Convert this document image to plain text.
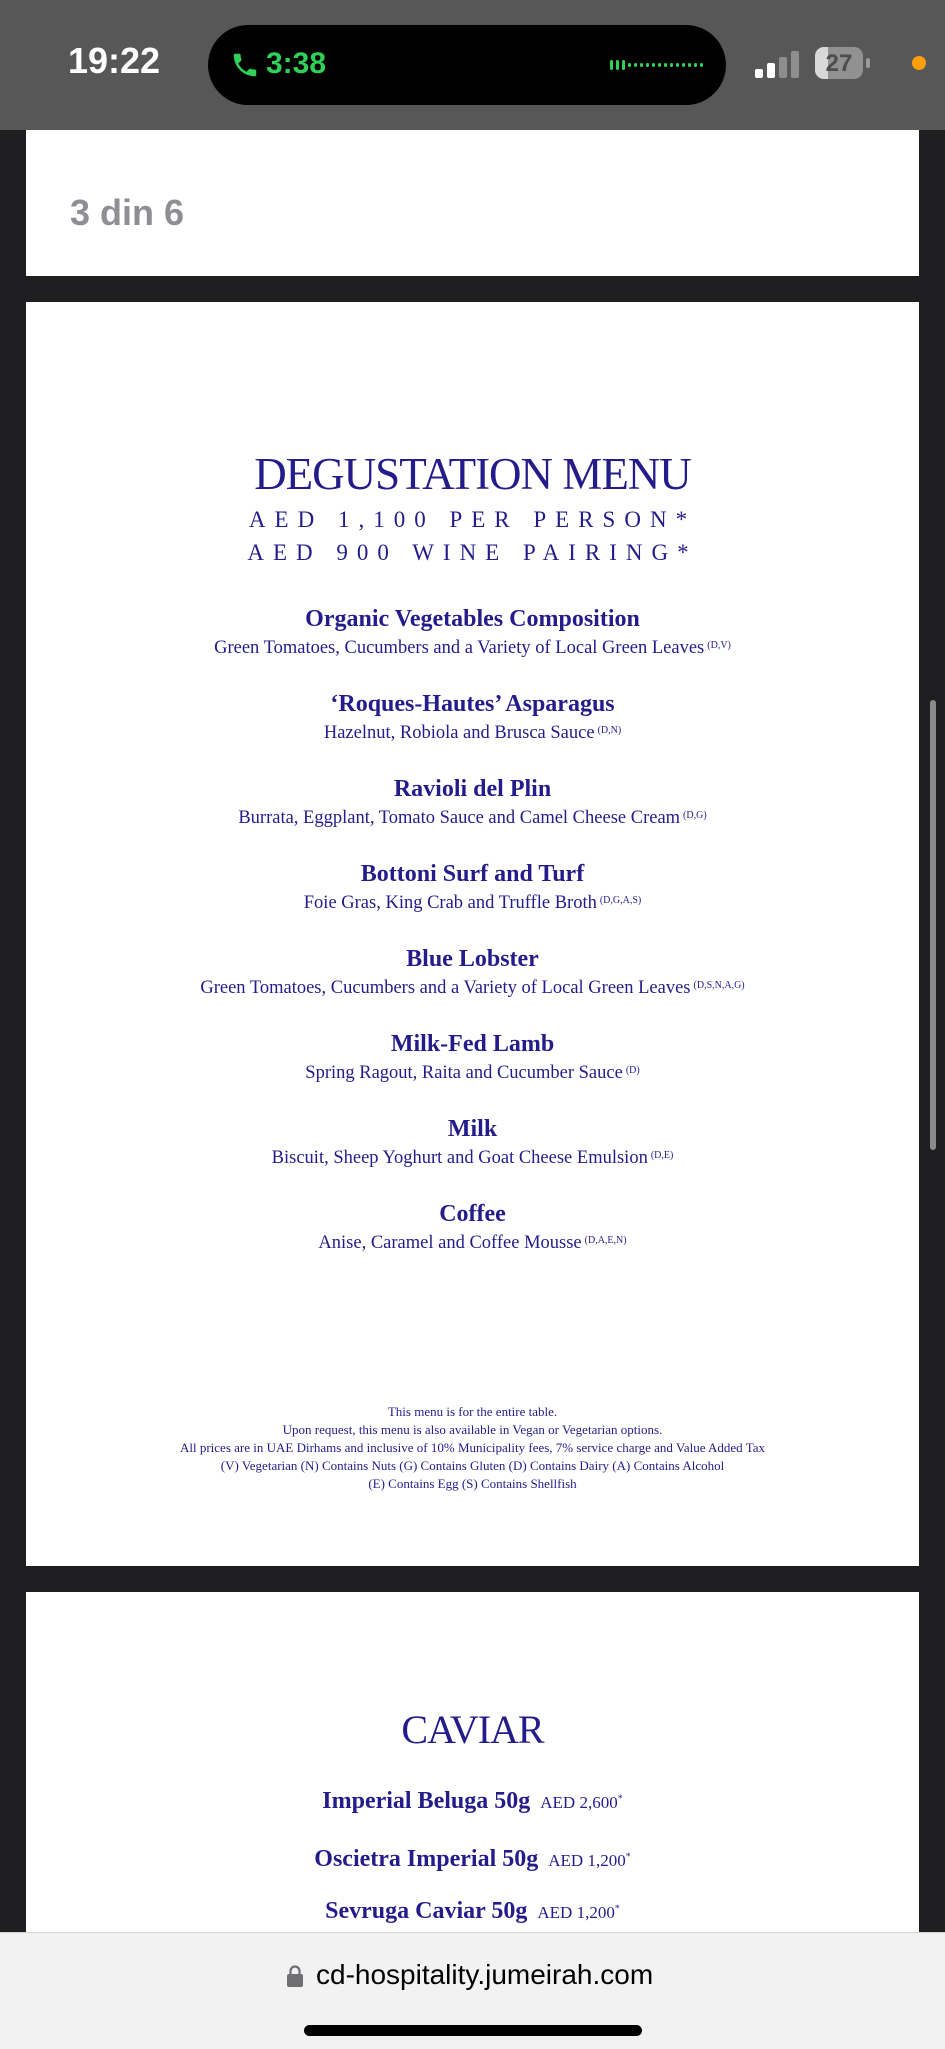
19:22	3:38	27
3 din 6
DEGUSTATION MENU
AED 1,100 PER PERSON*
AED 900 WINE PAIRING*
Organic Vegetables Composition
Green Tomatoes, Cucumbers and a Variety of Local Green Leaves $^{(D,V)}$
‘Roques-Hautes’ Asparagus
Hazelnut, Robiola and Brusca Sauce $^{(D,N)}$
Ravioli del Plin
Burrata, Eggplant, Tomato Sauce and Camel Cheese Cream $^{(D,G)}$
Bottoni Surf and Turf
Foie Gras, King Crab and Truffle Broth $^{(D,G,A,S)}$
Blue Lobster
Green Tomatoes, Cucumbers and a Variety of Local Green Leaves $^{(D,S,N,A,G)}$
Milk-Fed Lamb
Spring Ragout, Raita and Cucumber Sauce $^{(D)}$
Milk
Biscuit, Sheep Yoghurt and Goat Cheese Emulsion $^{(D,E)}$
Coffee
Anise, Caramel and Coffee Mousse $^{(D,A,E,N)}$
This menu is for the entire table.
Upon request, this menu is also available in Vegan or Vegetarian options.
All prices are in UAE Dirhams and inclusive of 10% Municipality fees, 7% service charge and Value Added Tax
(V) Vegetarian (N) Contains Nuts (G) Contains Gluten (D) Contains Dairy (A) Contains Alcohol
(E) Contains Egg (S) Contains Shellfish
CAVIAR
Imperial Beluga 50g AED 2,600*
Oscietra Imperial 50g AED 1,200*
Sevruga Caviar 50g AED 1,200*
cd-hospitality.jumeirah.com
